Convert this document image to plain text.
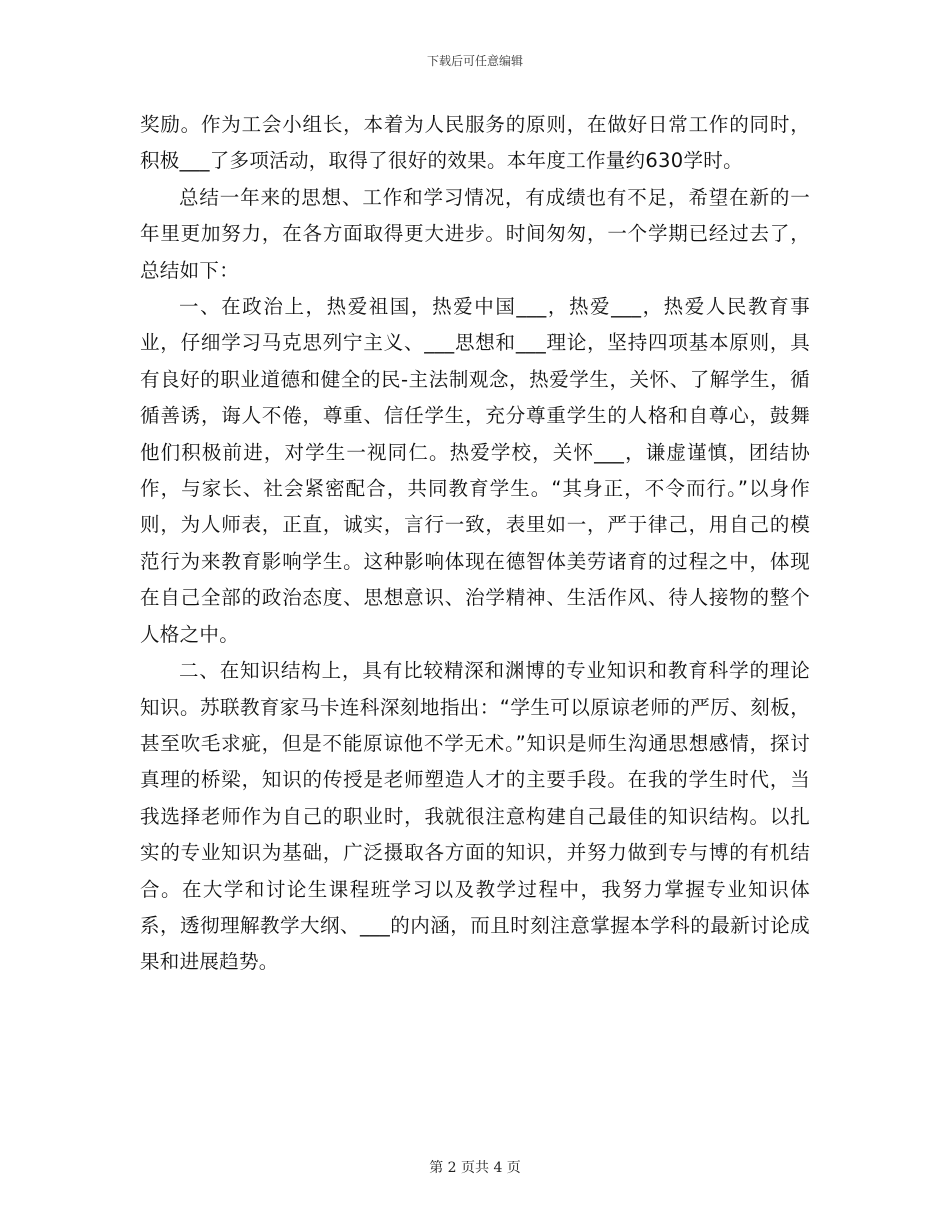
下载后可任意编辑

奖励。作为工会小组长，本着为人民服务的原则，在做好日常工作的同时，积极___了多项活动，取得了很好的效果。本年度工作量约630学时。

总结一年来的思想、工作和学习情况，有成绩也有不足，希望在新的一年里更加努力，在各方面取得更大进步。时间匆匆，一个学期已经过去了，总结如下：

一、在政治上，热爱祖国，热爱中国___，热爱___，热爱人民教育事业，仔细学习马克思列宁主义、___思想和___理论，坚持四项基本原则，具有良好的职业道德和健全的民-主法制观念，热爱学生，关怀、了解学生，循循善诱，诲人不倦，尊重、信任学生，充分尊重学生的人格和自尊心，鼓舞他们积极前进，对学生一视同仁。热爱学校，关怀___，谦虚谨慎，团结协作，与家长、社会紧密配合，共同教育学生。“其身正，不令而行。”以身作则，为人师表，正直，诚实，言行一致，表里如一，严于律己，用自己的模范行为来教育影响学生。这种影响体现在德智体美劳诸育的过程之中，体现在自己全部的政治态度、思想意识、治学精神、生活作风、待人接物的整个人格之中。

二、在知识结构上，具有比较精深和渊博的专业知识和教育科学的理论知识。苏联教育家马卡连科深刻地指出：“学生可以原谅老师的严厉、刻板，甚至吹毛求疵，但是不能原谅他不学无术。”知识是师生沟通思想感情，探讨真理的桥梁，知识的传授是老师塑造人才的主要手段。在我的学生时代，当我选择老师作为自己的职业时，我就很注意构建自己最佳的知识结构。以扎实的专业知识为基础，广泛摄取各方面的知识，并努力做到专与博的有机结合。在大学和讨论生课程班学习以及教学过程中，我努力掌握专业知识体系，透彻理解教学大纲、___的内涵，而且时刻注意掌握本学科的最新讨论成果和进展趋势。

第 2 页共 4 页
